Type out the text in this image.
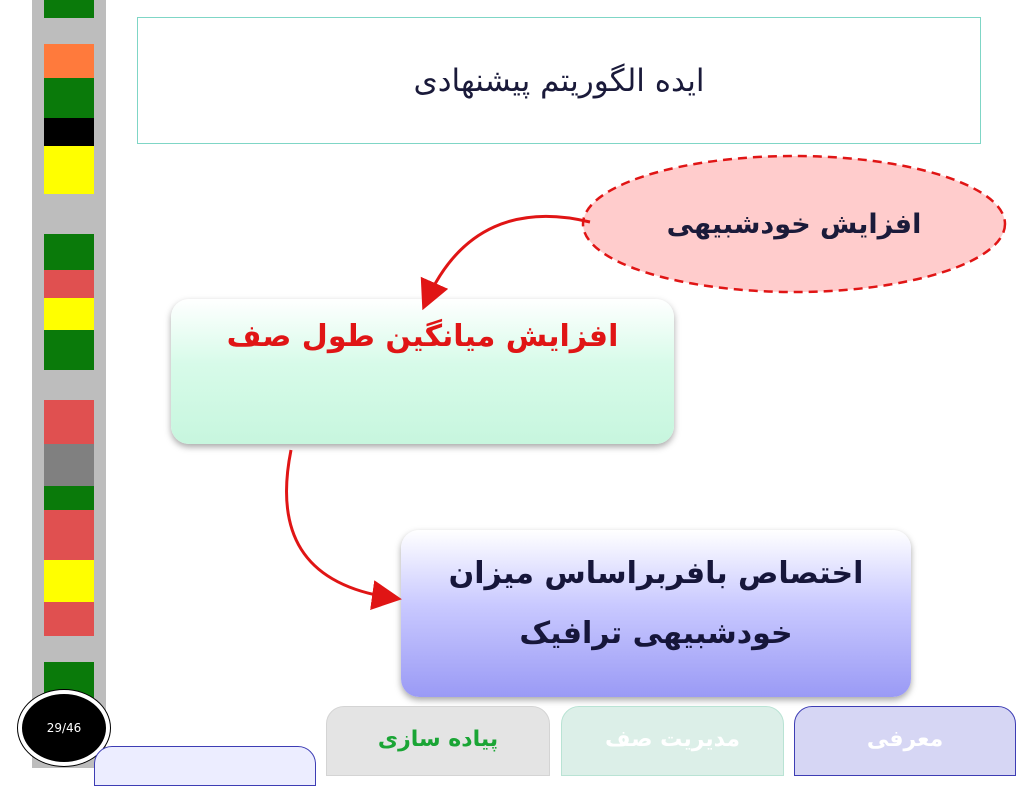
ایده الگوریتم پیشنهادی
افزایش خودشبیهی
افزایش میانگین طول صف
اختصاص بافربراساس میزان
خودشبیهی ترافیک
29/46	پیاده سازی	مدیریت صف	معرفی
